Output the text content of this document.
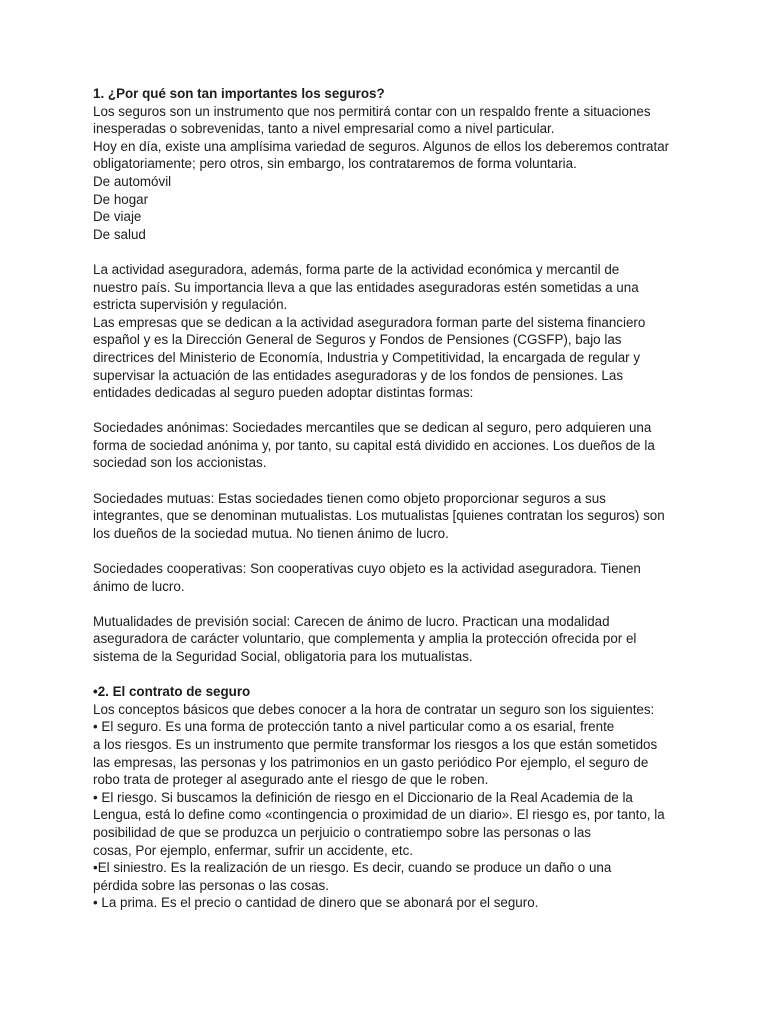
1. ¿Por qué son tan importantes los seguros?
Los seguros son un instrumento que nos permitirá contar con un respaldo frente a situaciones
inesperadas o sobrevenidas, tanto a nivel empresarial como a nivel particular.
Hoy en día, existe una amplísima variedad de seguros. Algunos de ellos los deberemos contratar
obligatoriamente; pero otros, sin embargo, los contrataremos de forma voluntaria.
De automóvil
De hogar
De viaje
De salud
La actividad aseguradora, además, forma parte de la actividad económica y mercantil de
nuestro país. Su importancia lleva a que las entidades aseguradoras estén sometidas a una
estricta supervisión y regulación.
Las empresas que se dedican a la actividad aseguradora forman parte del sistema financiero
español y es la Dirección General de Seguros y Fondos de Pensiones (CGSFP), bajo las
directrices del Ministerio de Economía, Industria y Competitividad, la encargada de regular y
supervisar la actuación de las entidades aseguradoras y de los fondos de pensiones. Las
entidades dedicadas al seguro pueden adoptar distintas formas:
Sociedades anónimas: Sociedades mercantiles que se dedican al seguro, pero adquieren una
forma de sociedad anónima y, por tanto, su capital está dividido en acciones. Los dueños de la
sociedad son los accionistas.
Sociedades mutuas: Estas sociedades tienen como objeto proporcionar seguros a sus
integrantes, que se denominan mutualistas. Los mutualistas [quienes contratan los seguros) son
los dueños de la sociedad mutua. No tienen ánimo de lucro.
Sociedades cooperativas: Son cooperativas cuyo objeto es la actividad aseguradora. Tienen
ánimo de lucro.
Mutualidades de previsión social: Carecen de ánimo de lucro. Practican una modalidad
aseguradora de carácter voluntario, que complementa y amplia la protección ofrecida por el
sistema de la Seguridad Social, obligatoria para los mutualistas.
•2. El contrato de seguro
Los conceptos básicos que debes conocer a la hora de contratar un seguro son los siguientes:
• El seguro. Es una forma de protección tanto a nivel particular como a os esarial, frente
a los riesgos. Es un instrumento que permite transformar los riesgos a los que están sometidos
las empresas, las personas y los patrimonios en un gasto periódico Por ejemplo, el seguro de
robo trata de proteger al asegurado ante el riesgo de que le roben.
• El riesgo. Si buscamos la definición de riesgo en el Diccionario de la Real Academia de la
Lengua, está lo define como «contingencia o proximidad de un diario». El riesgo es, por tanto, la
posibilidad de que se produzca un perjuicio o contratiempo sobre las personas o las
cosas, Por ejemplo, enfermar, sufrir un accidente, etc.
•El siniestro. Es la realización de un riesgo. Es decir, cuando se produce un daño o una
pérdida sobre las personas o las cosas.
• La prima. Es el precio o cantidad de dinero que se abonará por el seguro.
